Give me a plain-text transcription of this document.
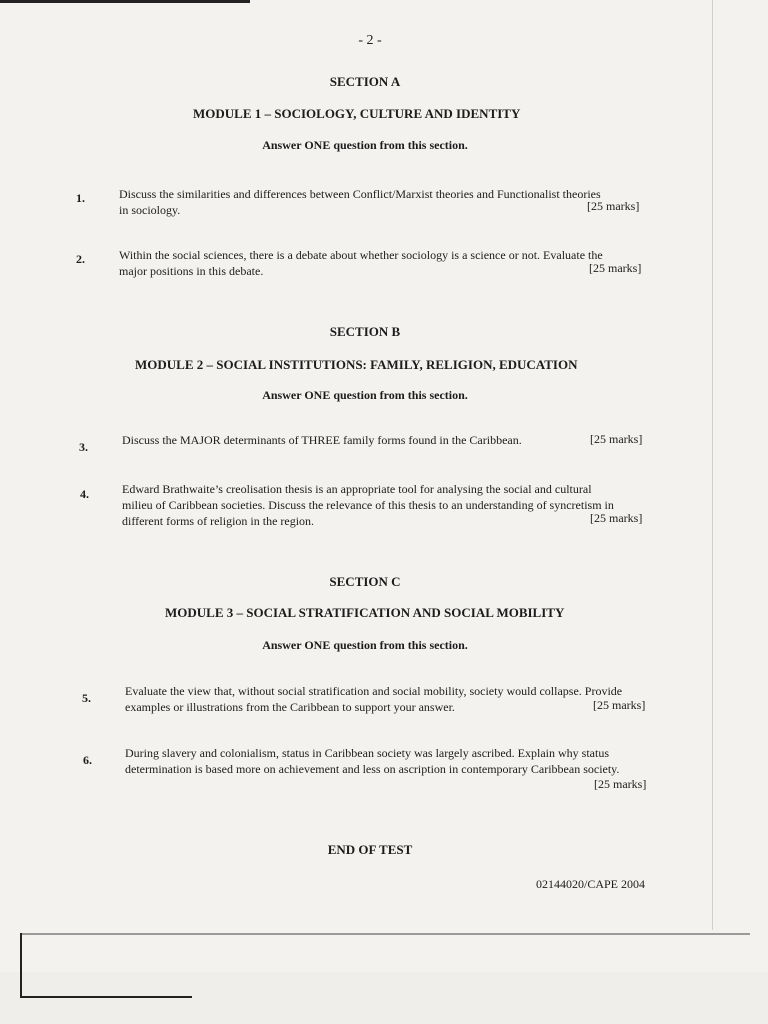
- 2 -
SECTION A
MODULE 1 – SOCIOLOGY, CULTURE AND IDENTITY
Answer ONE question from this section.
1.	Discuss the similarities and differences between Conflict/Marxist theories and Functionalist theories
in sociology.	[25 marks]
2.	Within the social sciences, there is a debate about whether sociology is a science or not. Evaluate the
major positions in this debate.	[25 marks]
SECTION B
MODULE 2 – SOCIAL INSTITUTIONS: FAMILY, RELIGION, EDUCATION
Answer ONE question from this section.
3.	Discuss the MAJOR determinants of THREE family forms found in the Caribbean.	[25 marks]
4.	Edward Brathwaite’s creolisation thesis is an appropriate tool for analysing the social and cultural
milieu of Caribbean societies. Discuss the relevance of this thesis to an understanding of syncretism in
different forms of religion in the region.	[25 marks]
SECTION C
MODULE 3 – SOCIAL STRATIFICATION AND SOCIAL MOBILITY
Answer ONE question from this section.
5.	Evaluate the view that, without social stratification and social mobility, society would collapse. Provide
examples or illustrations from the Caribbean to support your answer.	[25 marks]
6.	During slavery and colonialism, status in Caribbean society was largely ascribed. Explain why status
determination is based more on achievement and less on ascription in contemporary Caribbean society.
[25 marks]
END OF TEST
02144020/CAPE 2004
